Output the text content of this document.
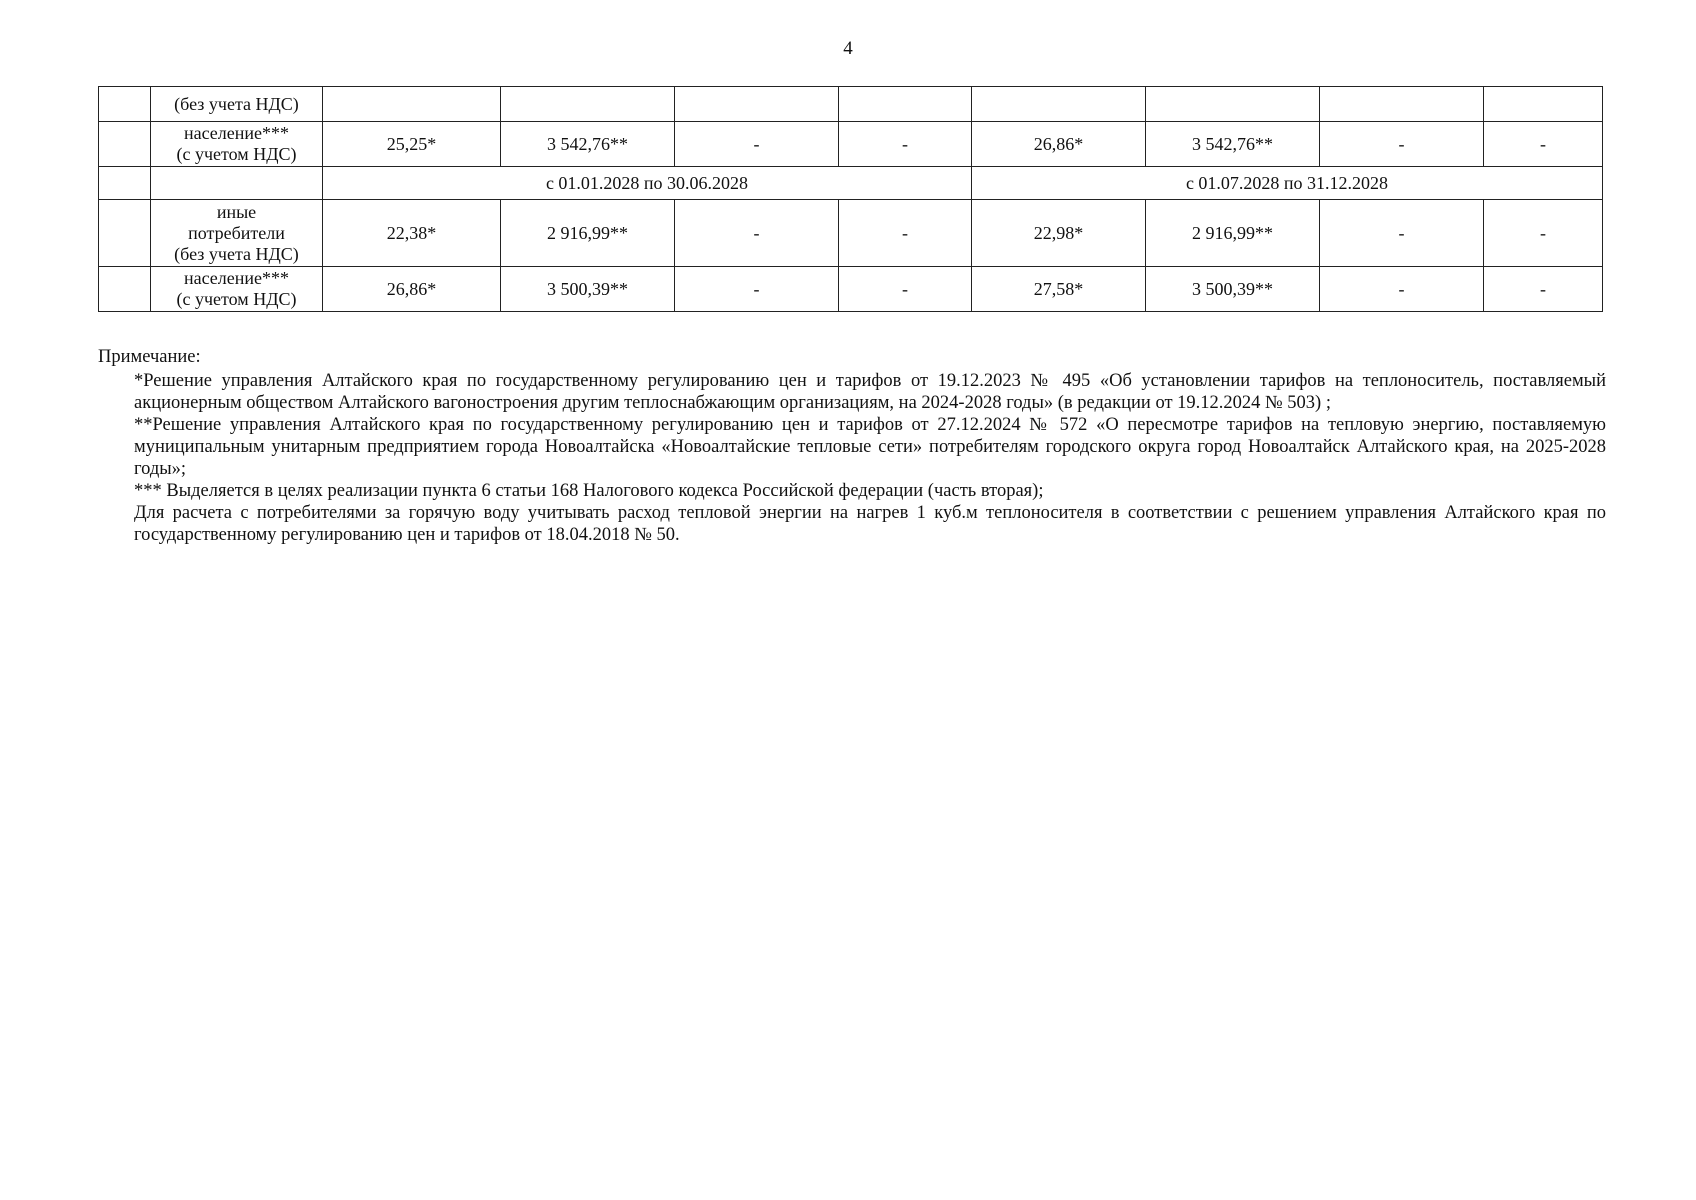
4
	(без учета НДС)								
	население***
(с учетом НДС)	25,25*	3 542,76**	-	-	26,86*	3 542,76**	-	-
		с 01.01.2028 по 30.06.2028				с 01.07.2028 по 31.12.2028			
	иные
потребители
(без учета НДС)	22,38*	2 916,99**	-	-	22,98*	2 916,99**	-	-
	население***
(с учетом НДС)	26,86*	3 500,39**	-	-	27,58*	3 500,39**	-	-
Примечание:
*Решение управления Алтайского края по государственному регулированию цен и тарифов от 19.12.2023 № 495 «Об установлении тарифов на теплоноситель, поставляемый акционерным обществом Алтайского вагоностроения другим теплоснабжающим организациям, на 2024-2028 годы» (в редакции от 19.12.2024 № 503) ;
**Решение управления Алтайского края по государственному регулированию цен и тарифов от 27.12.2024 № 572 «О пересмотре тарифов на тепловую энергию, поставляемую муниципальным унитарным предприятием города Новоалтайска «Новоалтайские тепловые сети» потребителям городского округа город Новоалтайск Алтайского края, на 2025-2028 годы»;
*** Выделяется в целях реализации пункта 6 статьи 168 Налогового кодекса Российской федерации (часть вторая);
Для расчета с потребителями за горячую воду учитывать расход тепловой энергии на нагрев 1 куб.м теплоносителя в соответствии с решением управления Алтайского края по государственному регулированию цен и тарифов от 18.04.2018 № 50.
